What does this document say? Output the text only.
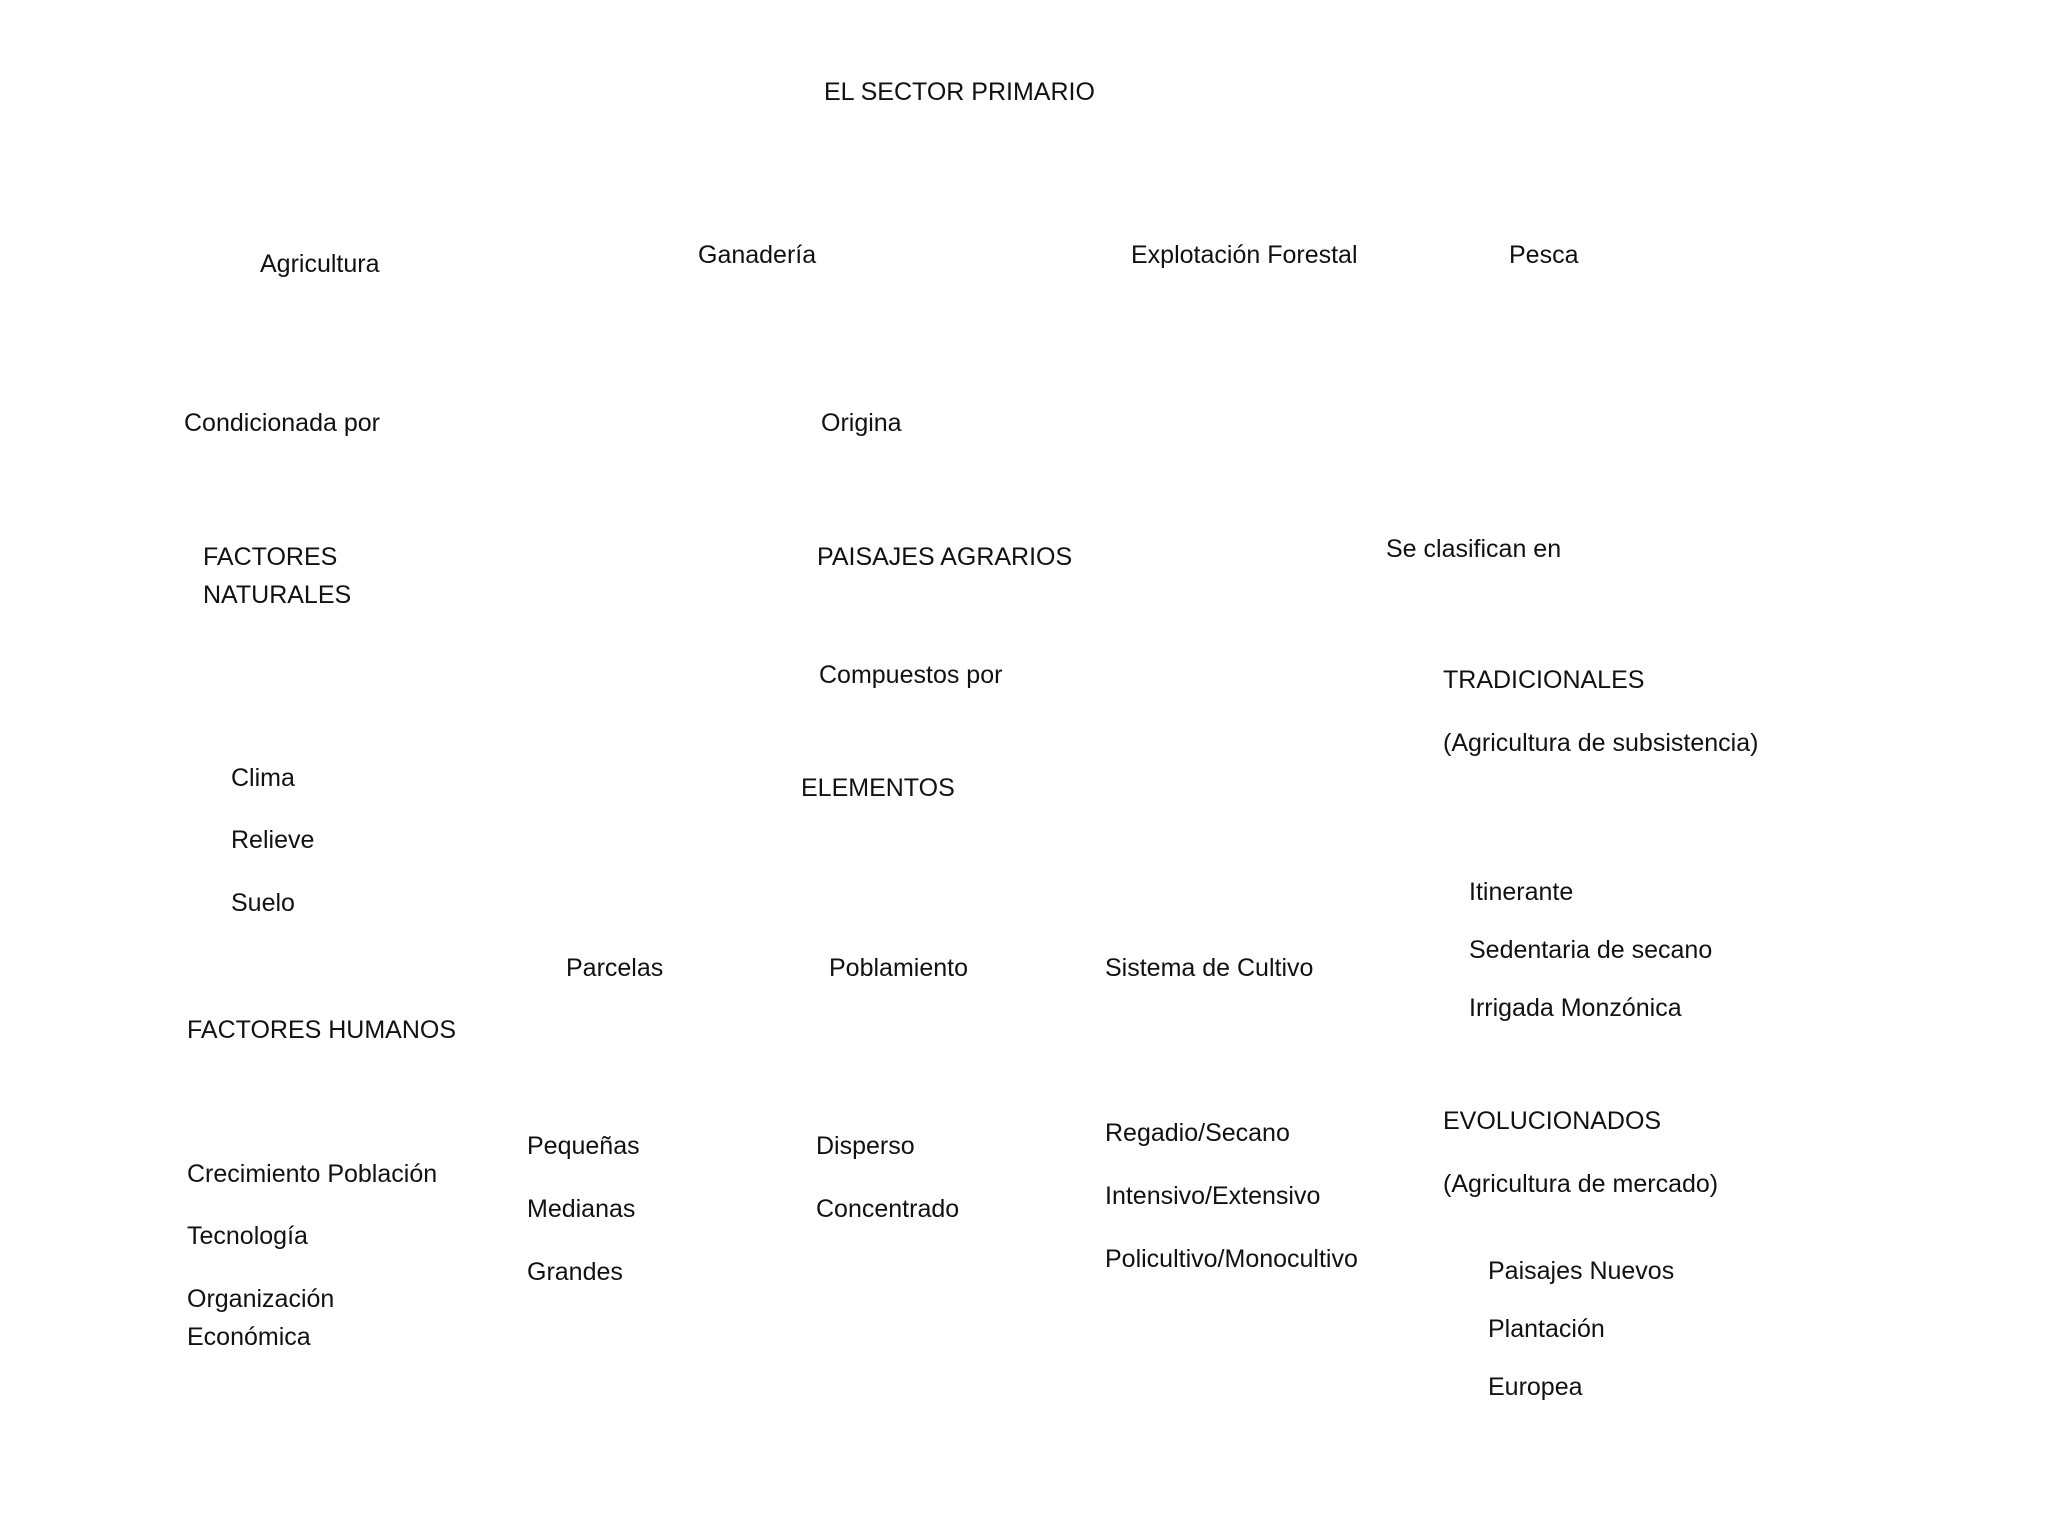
EL SECTOR PRIMARIO
Agricultura	Ganadería	Explotación Forestal	Pesca
Condicionada por	Origina
FACTORES
NATURALES
PAISAJES AGRARIOS	Se clasifican en
Compuestos por	TRADICIONALES
(Agricultura de subsistencia)
Clima
Relieve
Suelo
ELEMENTOS
Itinerante
Sedentaria de secano
Irrigada Monzónica
Parcelas	Poblamiento	Sistema de Cultivo
FACTORES HUMANOS
EVOLUCIONADOS
(Agricultura de mercado)
Pequeñas
Medianas
Grandes
Disperso
Concentrado
Regadio/Secano
Intensivo/Extensivo
Policultivo/Monocultivo
Crecimiento Población
Tecnología
Organización
Económica
Paisajes Nuevos
Plantación
Europea
